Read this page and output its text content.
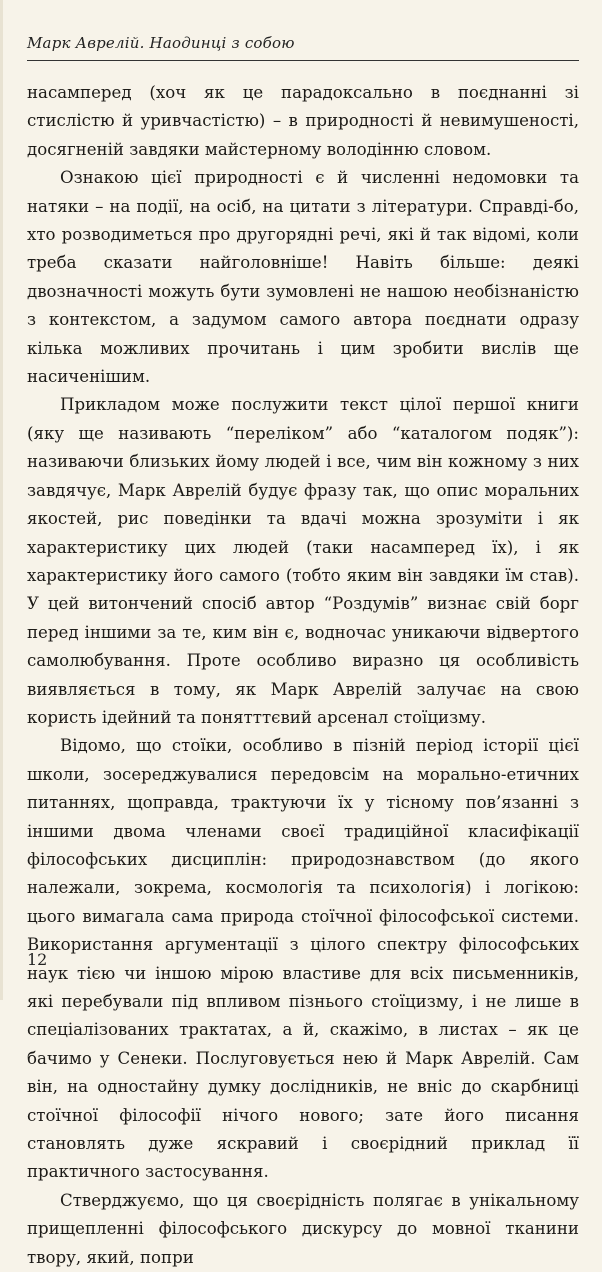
Марк Аврелій. Наодинці з собою

насамперед (хоч як це парадоксально в поєднанні зі стислістю й уривчастістю) – в природності й невимушеності, досягненій завдяки майстерному володінню словом.

Ознакою цієї природності є й численні недомовки та натяки – на події, на осіб, на цитати з літератури. Справді-бо, хто розводиметься про другорядні речі, які й так відомі, коли треба сказати найголовніше! Навіть більше: деякі двозначності можуть бути зумовлені не нашою необізнаністю з контекстом, а задумом самого автора поєднати одразу кілька можливих прочитань і цим зробити вислів ще насиченішим.

Прикладом може послужити текст цілої першої книги (яку ще називають “переліком” або “каталогом подяк”): називаючи близьких йому людей і все, чим він кожному з них завдячує, Марк Аврелій будує фразу так, що опис моральних якостей, рис поведінки та вдачі можна зрозуміти і як характеристику цих людей (таки насамперед їх), і як характеристику його самого (тобто яким він завдяки їм став). У цей витончений спосіб автор “Роздумів” визнає свій борг перед іншими за те, ким він є, водночас уникаючи відвертого самолюбування. Проте особливо виразно ця особливість виявляється в тому, як Марк Аврелій залучає на свою користь ідейний та понятттєвий арсенал стоїцизму.

Відомо, що стоїки, особливо в пізній період історії цієї школи, зосереджувалися передовсім на морально-етичних питаннях, щоправда, трактуючи їх у тісному пов’язанні з іншими двома членами своєї традиційної класифікації філософських дисциплін: природознавством (до якого належали, зокрема, космологія та психологія) і логікою: цього вимагала сама природа стоїчної філософської системи. Використання аргументації з цілого спектру філософських наук тією чи іншою мірою властиве для всіх письменників, які перебували під впливом пізнього стоїцизму, і не лише в спеціалізованих трактатах, а й, скажімо, в листах – як це бачимо у Сенеки. Послуговується нею й Марк Аврелій. Сам він, на одностайну думку дослідників, не вніс до скарбниці стоїчної філософії нічого нового; зате його писання становлять дуже яскравий і своєрідний приклад її практичного застосування.

Стверджуємо, що ця своєрідність полягає в унікальному прищепленні філософського дискурсу до мовної тканини твору, який, попри

12
